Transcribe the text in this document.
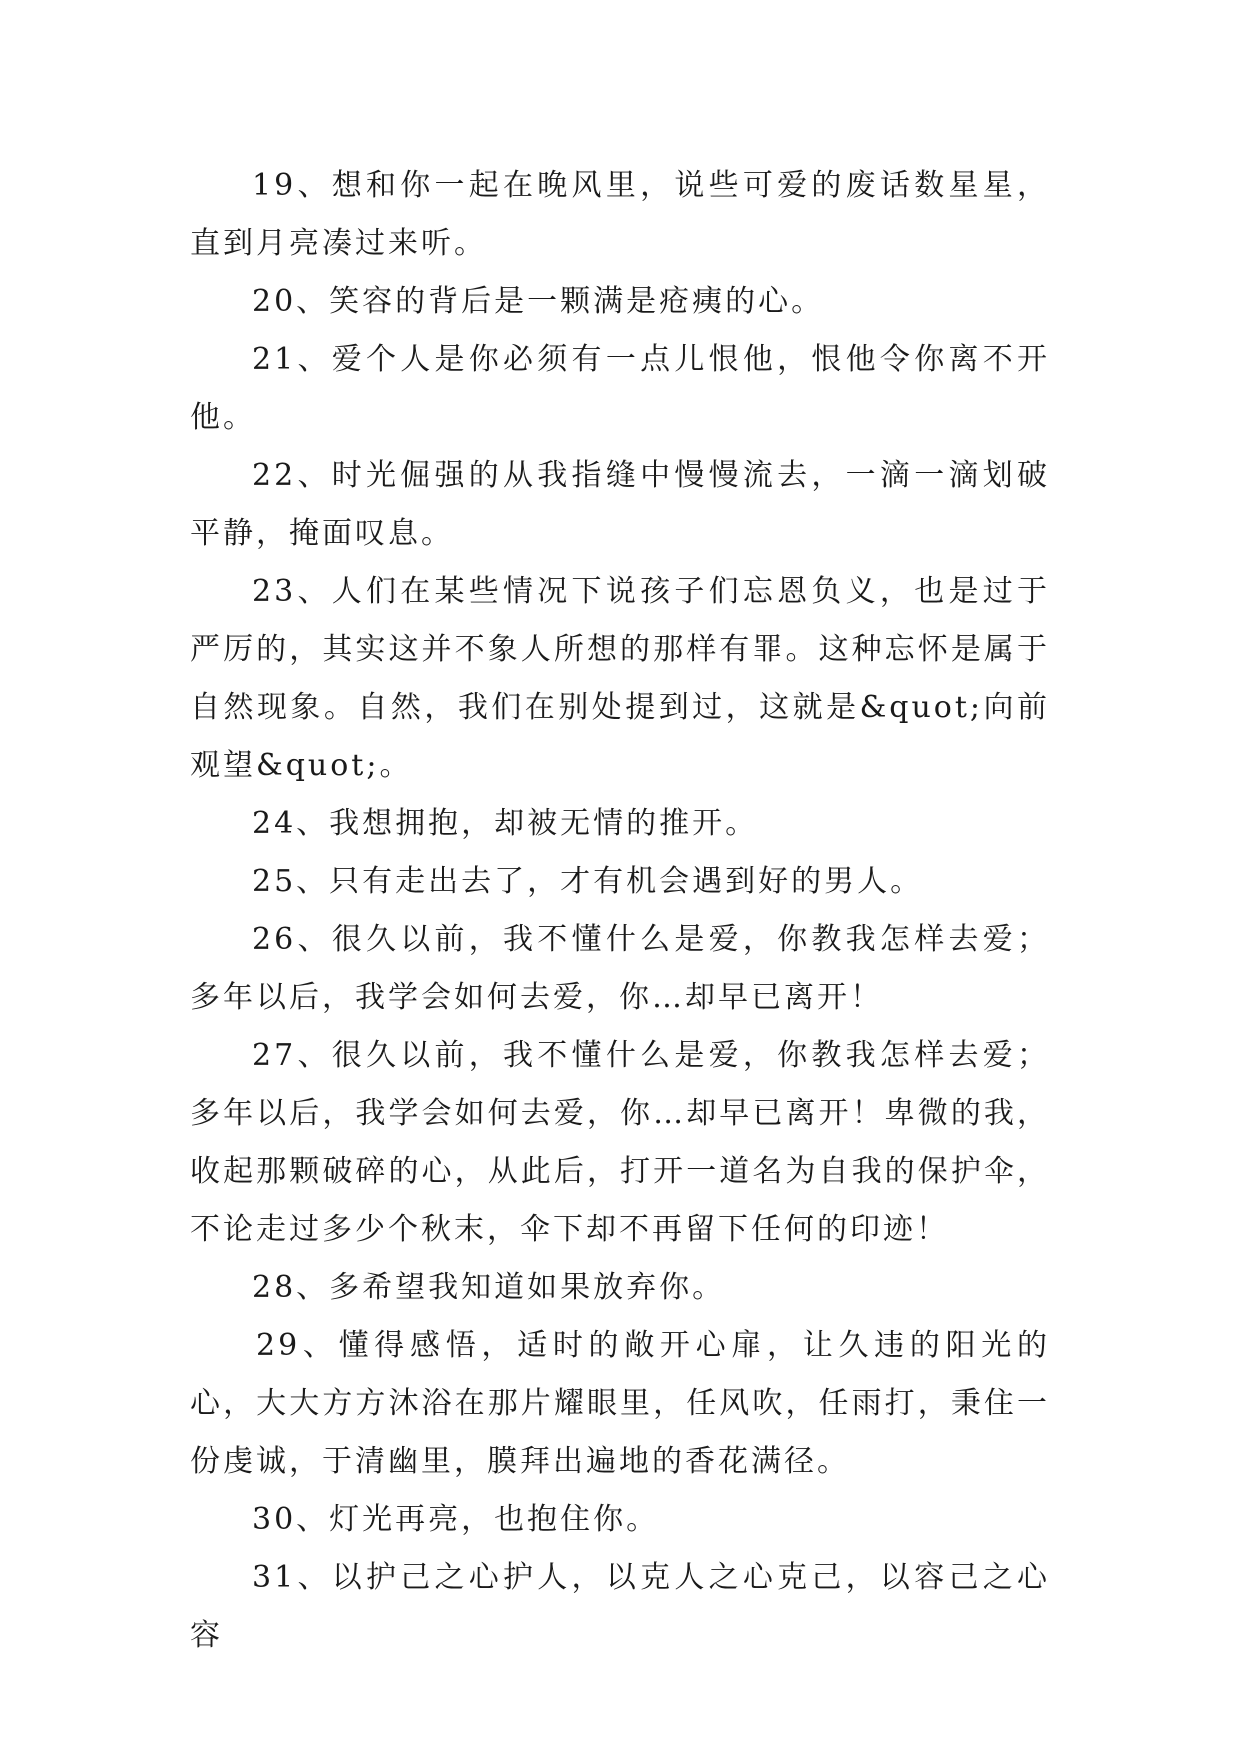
19、想和你一起在晚风里，说些可爱的废话数星星，直到月亮凑过来听。

20、笑容的背后是一颗满是疮痍的心。

21、爱个人是你必须有一点儿恨他，恨他令你离不开他。

22、时光倔强的从我指缝中慢慢流去，一滴一滴划破平静，掩面叹息。

23、人们在某些情况下说孩子们忘恩负义，也是过于严厉的，其实这并不象人所想的那样有罪。这种忘怀是属于自然现象。自然，我们在别处提到过，这就是&quot;向前观望&quot;。

24、我想拥抱，却被无情的推开。

25、只有走出去了，才有机会遇到好的男人。

26、很久以前，我不懂什么是爱，你教我怎样去爱；多年以后，我学会如何去爱，你…却早已离开！

27、很久以前，我不懂什么是爱，你教我怎样去爱；多年以后，我学会如何去爱，你…却早已离开！卑微的我，收起那颗破碎的心，从此后，打开一道名为自我的保护伞，不论走过多少个秋末，伞下却不再留下任何的印迹！

28、多希望我知道如果放弃你。

29、懂得感悟，适时的敞开心扉，让久违的阳光的心，大大方方沐浴在那片耀眼里，任风吹，任雨打，秉住一份虔诚，于清幽里，膜拜出遍地的香花满径。

30、灯光再亮，也抱住你。

31、以护己之心护人，以克人之心克己，以容己之心容
